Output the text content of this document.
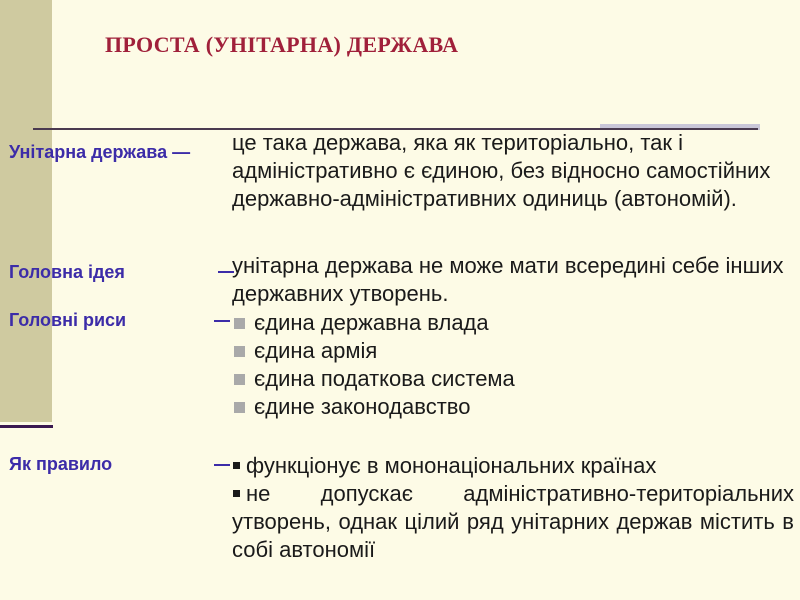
ПРОСТА (УНІТАРНА) ДЕРЖАВА
Унітарна держава —
Головна ідея
Головні риси
Як правило
це така держава, яка як територіально, так і адміністративно є єдиною, без відносно самостійних державно-адміністративних одиниць (автономій).
унітарна держава не може мати всередині себе інших державних утворень.
єдина державна влада
єдина армія
єдина податкова система
єдине законодавство
функціонує в мононаціональних країнах
не допускає адміністративно-територіальних утворень, однак цілий ряд унітарних держав містить в собі автономії
